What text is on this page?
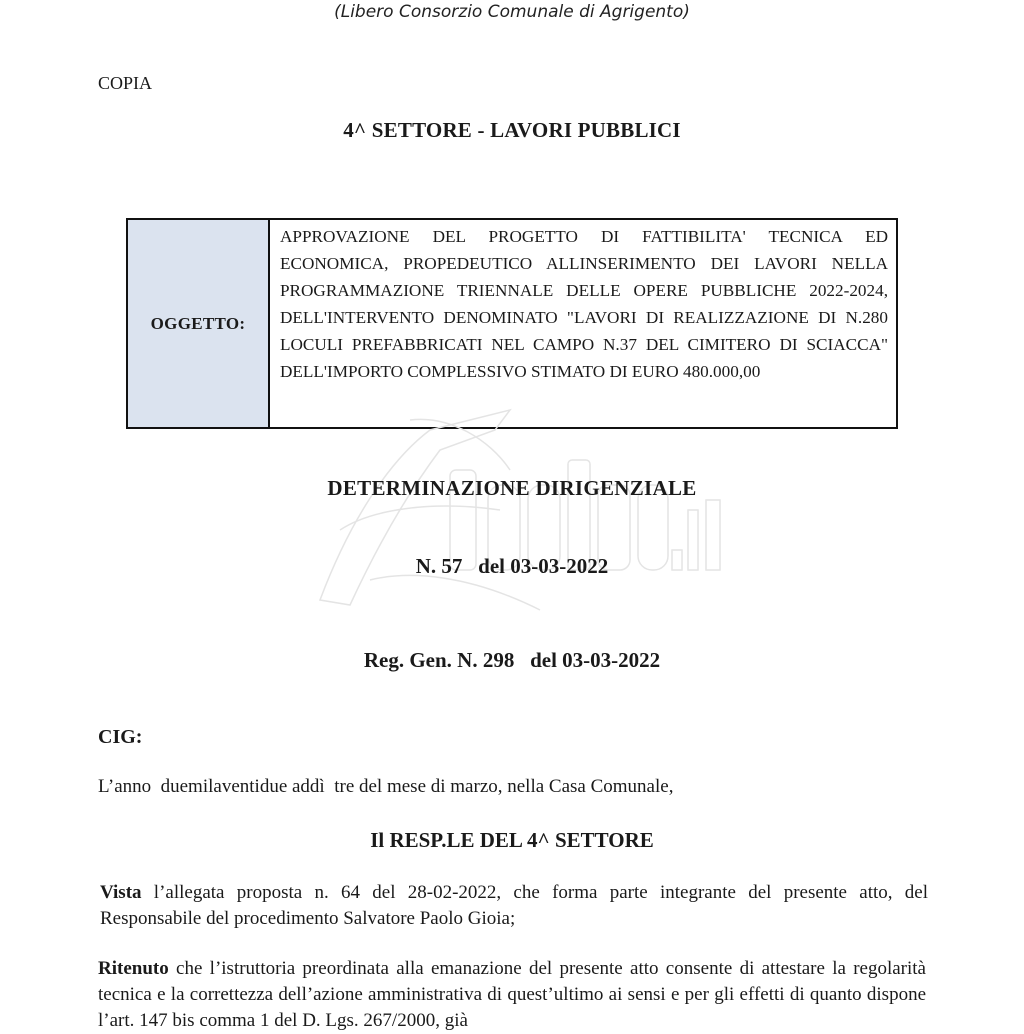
(Libero Consorzio Comunale di Agrigento)
COPIA
4^ SETTORE - LAVORI PUBBLICI
OGGETTO:

APPROVAZIONE DEL PROGETTO DI FATTIBILITA' TECNICA ED ECONOMICA, PROPEDEUTICO ALLINSERIMENTO DEI LAVORI NELLA PROGRAMMAZIONE TRIENNALE DELLE OPERE PUBBLICHE 2022-2024, DELL'INTERVENTO DENOMINATO "LAVORI DI REALIZZAZIONE DI N.280 LOCULI PREFABBRICATI NEL CAMPO N.37 DEL CIMITERO DI SCIACCA" DELL'IMPORTO COMPLESSIVO STIMATO DI EURO 480.000,00

DETERMINAZIONE DIRIGENZIALE
N. 57   del 03-03-2022
Reg. Gen. N. 298   del 03-03-2022
CIG:
L’anno  duemilaventidue addì  tre del mese di marzo, nella Casa Comunale,
Il RESP.LE DEL 4^ SETTORE

Vista l’allegata proposta n. 64 del 28-02-2022, che forma parte integrante del presente atto, del Responsabile del procedimento Salvatore Paolo Gioia;

Ritenuto che l’istruttoria preordinata alla emanazione del presente atto consente di attestare la regolarità tecnica e la correttezza dell’azione amministrativa di quest’ultimo ai sensi e per gli effetti di quanto dispone l’art. 147 bis comma 1 del D. Lgs. 267/2000, già
